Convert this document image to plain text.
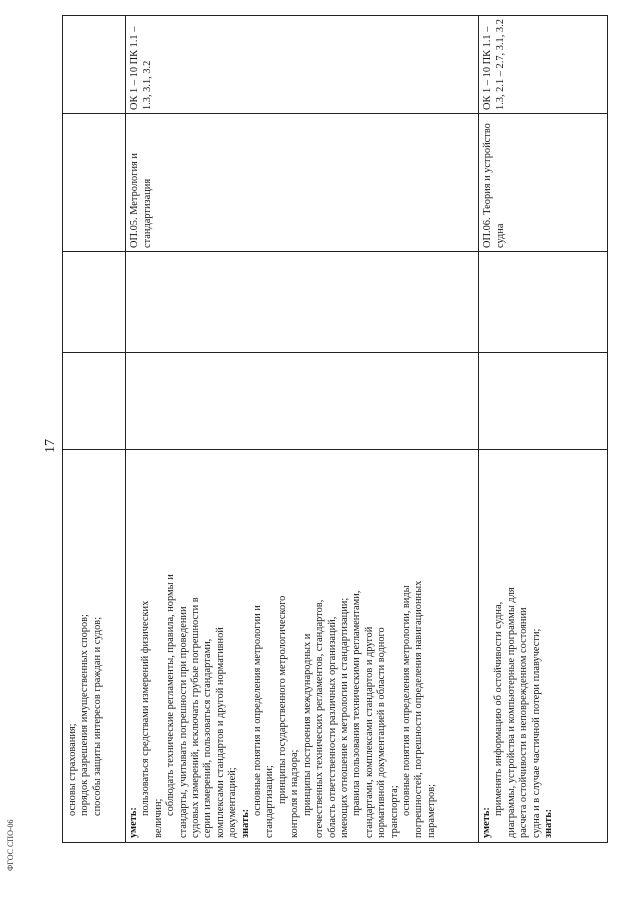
ФГОС СПО-06
17
основы страхования; порядок разрешения имущественных споров; способы защиты интересов граждан и судов;
уметь:
пользоваться средствами измерений физических
величин;
соблюдать технические регламенты, правила, нормы и стандарты, учитывать погрешности при проведении судовых измерений, исключать грубые погрешности в серии измерений, пользоваться стандартами, комплексами стандартов и другой нормативной документацией; знать:
основные понятия и определения метрологии и стандартизации; принципы государственного метрологического контроля и надзора; принципы построения международных и отечественных технических регламентов, стандартов, область ответственности различных организаций, имеющих отношение к метрологии и стандартизации; правила пользования техническими регламентами, стандартами, комплексами стандартов и другой нормативной документацией в области водного транспорта; основные понятия и определения метрологии, виды погрешностей, погрешности определения навигационных параметров;
ОП.05. Метрология и стандартизация
ОК 1 – 10 ПК 1.1 – 1.3, 3.1, 3.2
уметь:
применять информацию об остойчивости судна, диаграммы, устройства и компьютерные программы для расчета остойчивости в неповрежденном состоянии судна и в случае частичной потери плавучести; знать:
ОП.06. Теория и устройство судна
ОК 1 – 10 ПК 1.1 – 1.3, 2.1 – 2.7, 3.1, 3.2
